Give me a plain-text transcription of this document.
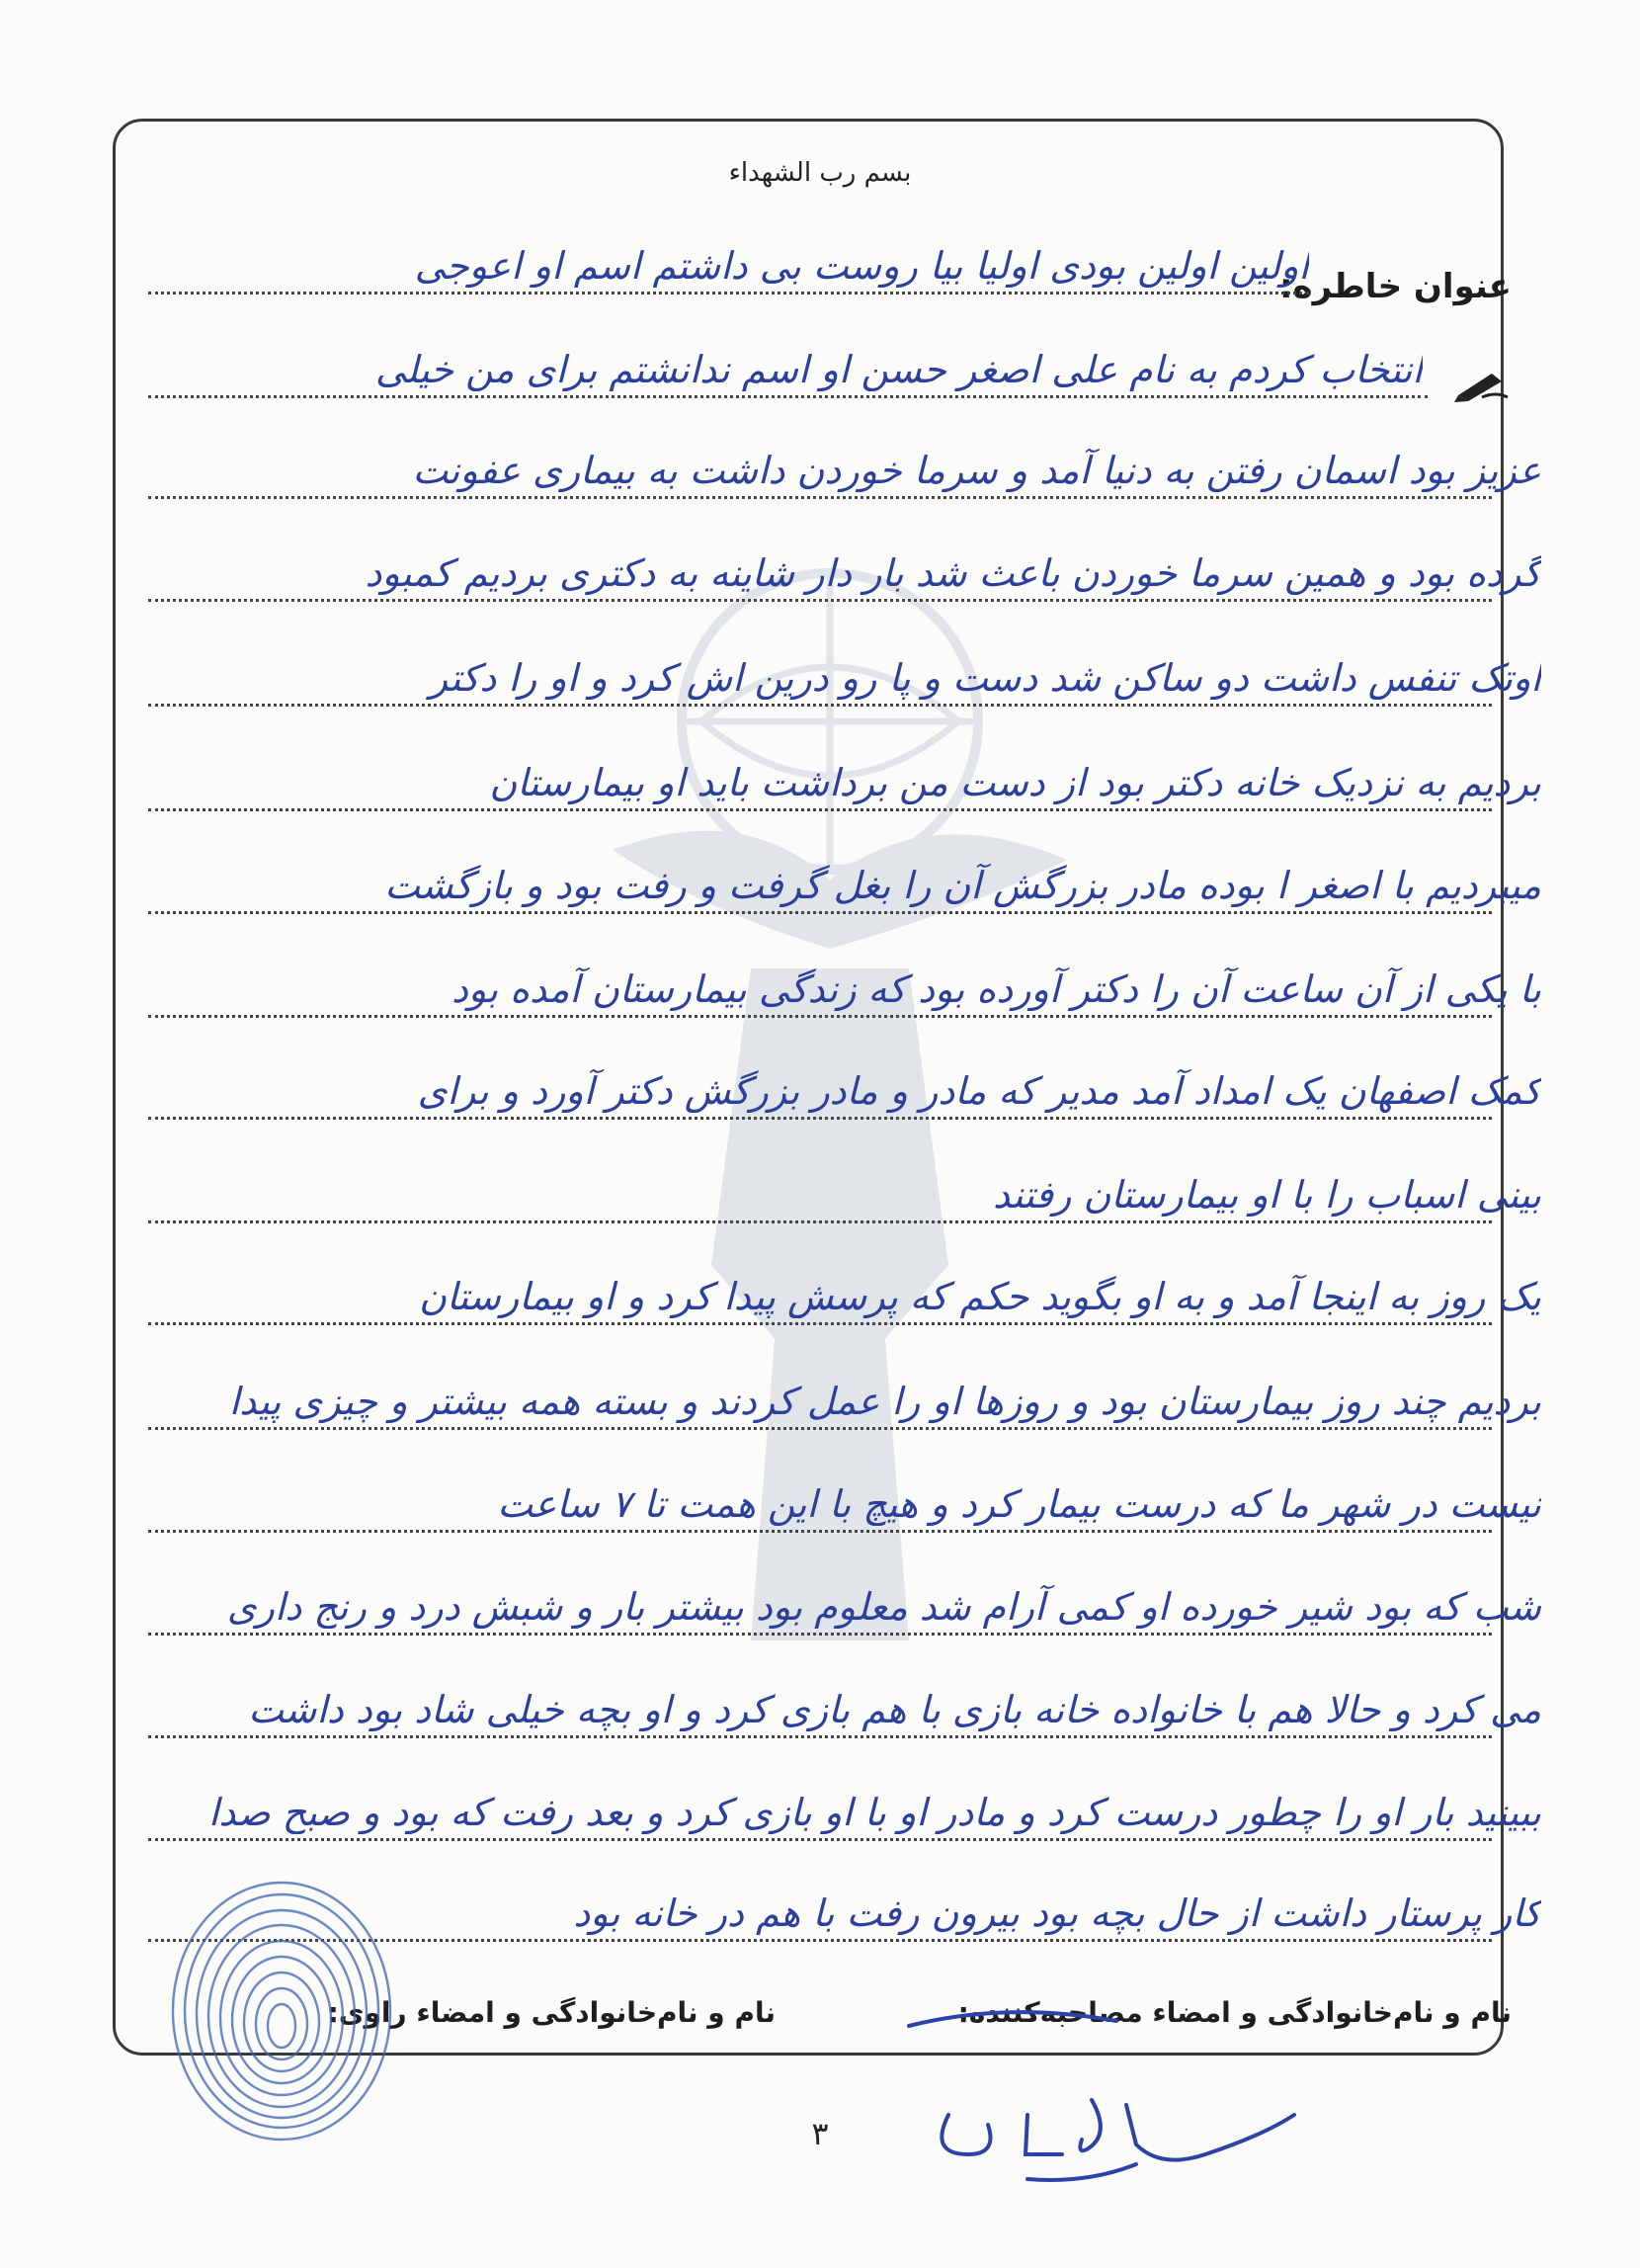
بسم رب الشهداء
عنوان خاطره:
اولین اولین بودی اولیا بیا روست بی داشتم اسم او اعوجی
انتخاب کردم به نام علی اصغر حسن او اسم ندانشتم برای من خیلی
عزیز بود اسمان رفتن به دنیا آمد و سرما خوردن داشت به بیماری عفونت
گرده بود و همین سرما خوردن باعث شد بار دار شاینه به دکتری بردیم کمبود
اوتک تنفس داشت دو ساکن شد دست و پا رو درین اش کرد و او را دکتر
بردیم به نزدیک خانه دکتر بود از دست من برداشت باید او بیمارستان
میبردیم با اصغر ا بوده مادر بزرگش آن را بغل گرفت و رفت بود و بازگشت
با یکی از آن ساعت آن را دکتر آورده بود که زندگی بیمارستان آمده بود
کمک اصفهان یک امداد آمد مدیر که مادر و مادر بزرگش دکتر آورد و برای
بینی اسباب را با او بیمارستان رفتند
یک روز به اینجا آمد و به او بگوید حکم که پرسش پیدا کرد و او بیمارستان
بردیم چند روز بیمارستان بود و روزها او را عمل کردند و بسته همه بیشتر و چیزی پیدا
نیست در شهر ما که درست بیمار کرد و هیچ با این همت تا ۷ ساعت
شب که بود شیر خورده او کمی آرام شد معلوم بود بیشتر بار و شبش درد و رنج داری
می کرد و حالا هم با خانواده خانه بازی با هم بازی کرد و او بچه خیلی شاد بود داشت
ببینید بار او را چطور درست کرد و مادر او با او بازی کرد و بعد رفت که بود و صبح صدا
کار پرستار داشت از حال بچه بود بیرون رفت با هم در خانه بود
نام و نام‌خانوادگی و امضاء مصاحبه‌کننده:
نام و نام‌خانوادگی و امضاء راوی:
۳
